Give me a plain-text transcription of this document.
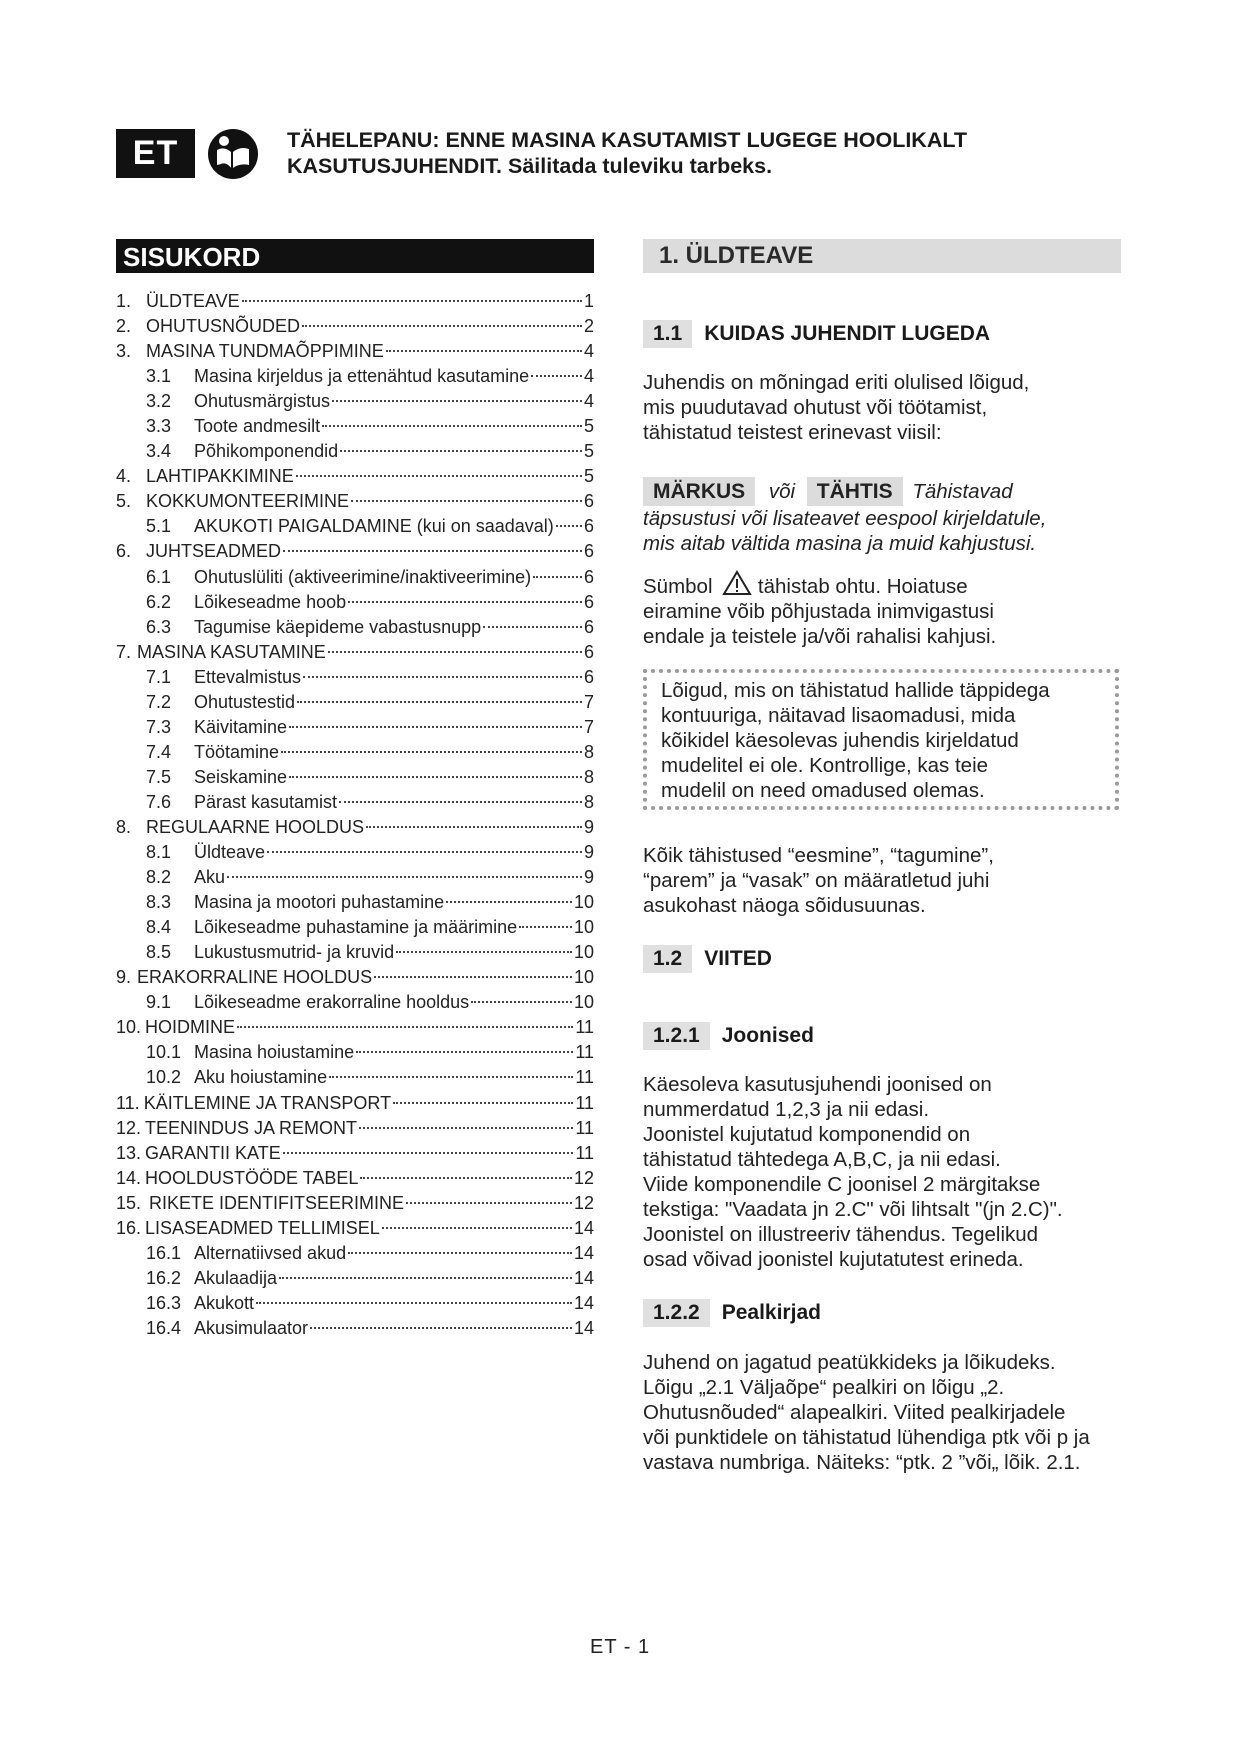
ET	TÄHELEPANU: ENNE MASINA KASUTAMIST LUGEGE HOOLIKALT
KASUTUSJUHENDIT. Säilitada tuleviku tarbeks.
SISUKORD
1. ÜLDTEAVE	1
2. OHUTUSNÕUDED	2
3. MASINA TUNDMAÕPPIMINE	4
3.1	Masina kirjeldus ja ettenähtud kasutamine	4
3.2	Ohutusmärgistus	4
3.3	Toote andmesilt	5
3.4	Põhikomponendid	5
4. LAHTIPAKKIMINE	5
5. KOKKUMONTEERIMINE	6
5.1	AKUKOTI PAIGALDAMINE (kui on saadaval) 6
6. JUHTSEADMED	6
6.1	Ohutuslüliti (aktiveerimine/inaktiveerimine)	6
6.2	Lõikeseadme hoob	6
6.3	Tagumise käepideme vabastusnupp	6
7. MASINA KASUTAMINE	6
7.1	Ettevalmistus	6
7.2	Ohutustestid	7
7.3	Käivitamine	7
7.4	Töötamine	8
7.5	Seiskamine	8
7.6	Pärast kasutamist	8
8. REGULAARNE HOOLDUS	9
8.1	Üldteave	9
8.2	Aku	9
8.3	Masina ja mootori puhastamine	10
8.4	Lõikeseadme puhastamine ja määrimine	10
8.5	Lukustusmutrid- ja kruvid	10
9. ERAKORRALINE HOOLDUS	10
9.1	Lõikeseadme erakorraline hooldus	10
10. HOIDMINE	11
10.1 Masina hoiustamine	11
10.2 Aku hoiustamine	11
11. KÄITLEMINE JA TRANSPORT	11
12. TEENINDUS JA REMONT	11
13. GARANTII KATE	11
14. HOOLDUSTÖÖDE TABEL	12
15. RIKETE IDENTIFITSEERIMINE	12
16. LISASEADMED TELLIMISEL	14
16.1 Alternatiivsed akud	14
16.2 Akulaadija	14
16.3 Akukott	14
16.4 Akusimulaator	14
1. ÜLDTEAVE
1.1	KUIDAS JUHENDIT LUGEDA
Juhendis on mõningad eriti olulised lõigud,
mis puudutavad ohutust või töötamist,
tähistatud teistest erinevast viisil:
MÄRKUS või TÄHTIS Tähistavad
täpsustusi või lisateavet eespool kirjeldatule,
mis aitab vältida masina ja muid kahjustusi.
Sümbol tähistab ohtu. Hoiatuse
eiramine võib põhjustada inimvigastusi
endale ja teistele ja/või rahalisi kahjusi.
Lõigud, mis on tähistatud hallide täppidega
kontuuriga, näitavad lisaomadusi, mida
kõikidel käesolevas juhendis kirjeldatud
mudelitel ei ole. Kontrollige, kas teie
mudelil on need omadused olemas.
Kõik tähistused “eesmine”, “tagumine”,
“parem” ja “vasak” on määratletud juhi
asukohast näoga sõidusuunas.
1.2	VIITED
1.2.1	Joonised
Käesoleva kasutusjuhendi joonised on
nummerdatud 1,2,3 ja nii edasi.
Joonistel kujutatud komponendid on
tähistatud tähtedega A,B,C, ja nii edasi.
Viide komponendile C joonisel 2 märgitakse
tekstiga: "Vaadata jn 2.C" või lihtsalt "(jn 2.C)".
Joonistel on illustreeriv tähendus. Tegelikud
osad võivad joonistel kujutatutest erineda.
1.2.2	Pealkirjad
Juhend on jagatud peatükkideks ja lõikudeks.
Lõigu „2.1 Väljaõpe“ pealkiri on lõigu „2.
Ohutusnõuded“ alapealkiri. Viited pealkirjadele
või punktidele on tähistatud lühendiga ptk või p ja
vastava numbriga. Näiteks: “ptk. 2 ”või„ lõik. 2.1.
ET - 1
